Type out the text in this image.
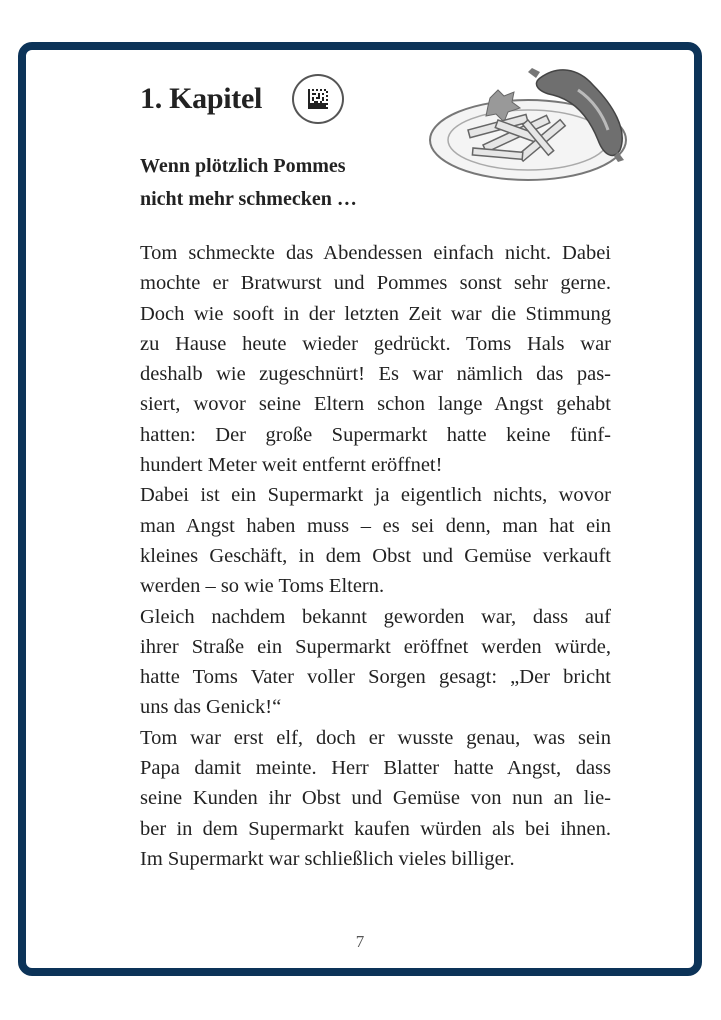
1. Kapitel
Wenn plötzlich Pommes
nicht mehr schmecken …

Tom schmeckte das Abendessen einfach nicht. Dabei
mochte er Bratwurst und Pommes sonst sehr gerne.
Doch wie sooft in der letzten Zeit war die Stimmung
zu Hause heute wieder gedrückt. Toms Hals war
deshalb wie zugeschnürt! Es war nämlich das pas-
siert, wovor seine Eltern schon lange Angst gehabt
hatten: Der große Supermarkt hatte keine fünf-
hundert Meter weit entfernt eröffnet!

Dabei ist ein Supermarkt ja eigentlich nichts, wovor
man Angst haben muss – es sei denn, man hat ein
kleines Geschäft, in dem Obst und Gemüse verkauft
werden – so wie Toms Eltern.

Gleich nachdem bekannt geworden war, dass auf
ihrer Straße ein Supermarkt eröffnet werden würde,
hatte Toms Vater voller Sorgen gesagt: „Der bricht
uns das Genick!“

Tom war erst elf, doch er wusste genau, was sein
Papa damit meinte. Herr Blatter hatte Angst, dass
seine Kunden ihr Obst und Gemüse von nun an lie-
ber in dem Supermarkt kaufen würden als bei ihnen.
Im Supermarkt war schließlich vieles billiger.

7
